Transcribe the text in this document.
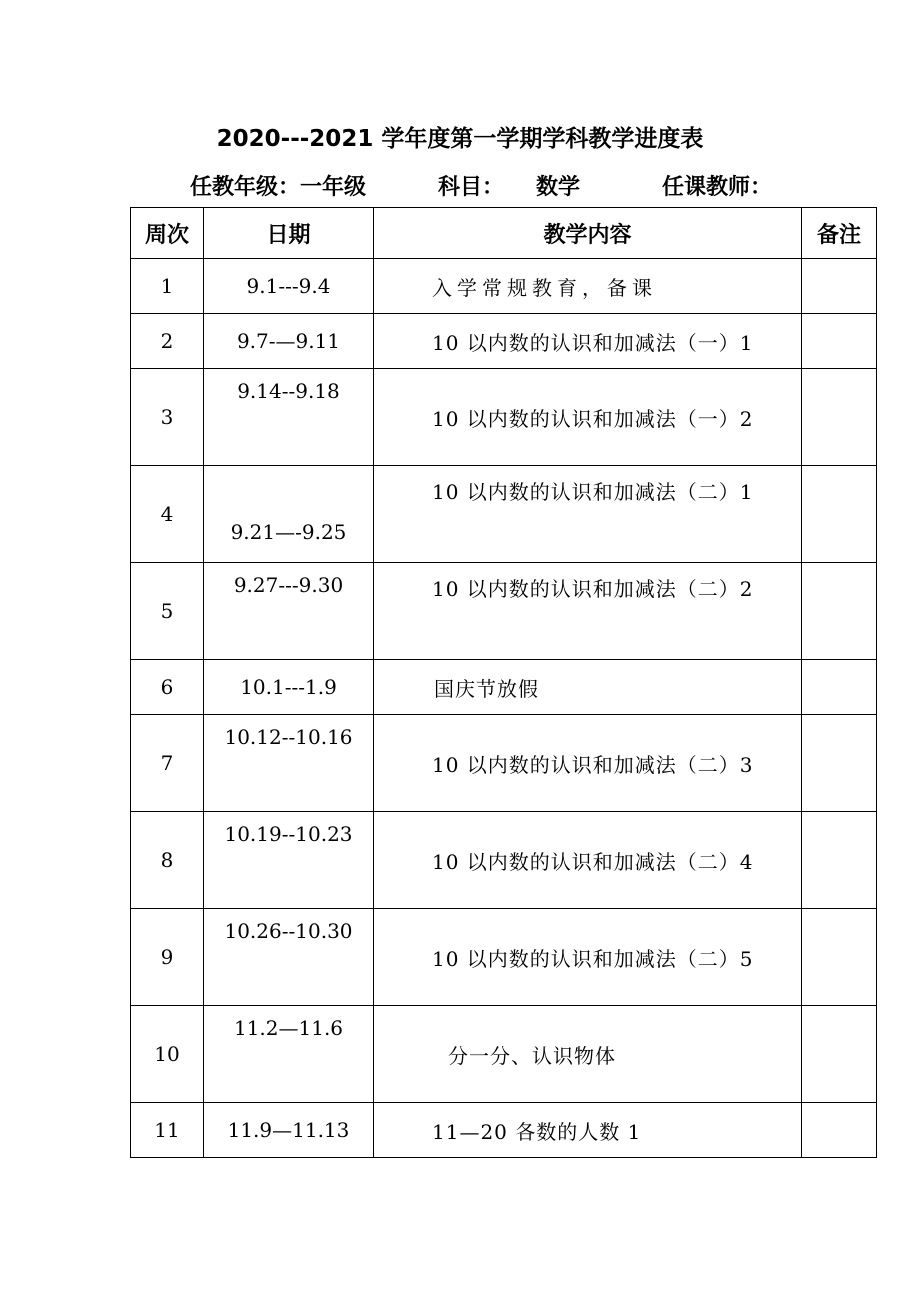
2020---2021 学年度第一学期学科教学进度表
任教年级：一年级	科目： 数学	任课教师：
周次	日期	教学内容	备注
1	9.1---9.4	入学常规教育，备课	
2	9.7-—9.11	10 以内数的认识和加减法（一）1	
3	9.14--9.18	10 以内数的认识和加减法（一）2	
4	9.21—-9.25	10 以内数的认识和加减法（二）1	
5	9.27---9.30	10 以内数的认识和加减法（二）2	
6	10.1---1.9	国庆节放假	
7	10.12--10.16	10 以内数的认识和加减法（二）3	
8	10.19--10.23	10 以内数的认识和加减法（二）4	
9	10.26--10.30	10 以内数的认识和加减法（二）5	
10	11.2—11.6	分一分、认识物体	
11	11.9—11.13	11—20 各数的人数 1	
